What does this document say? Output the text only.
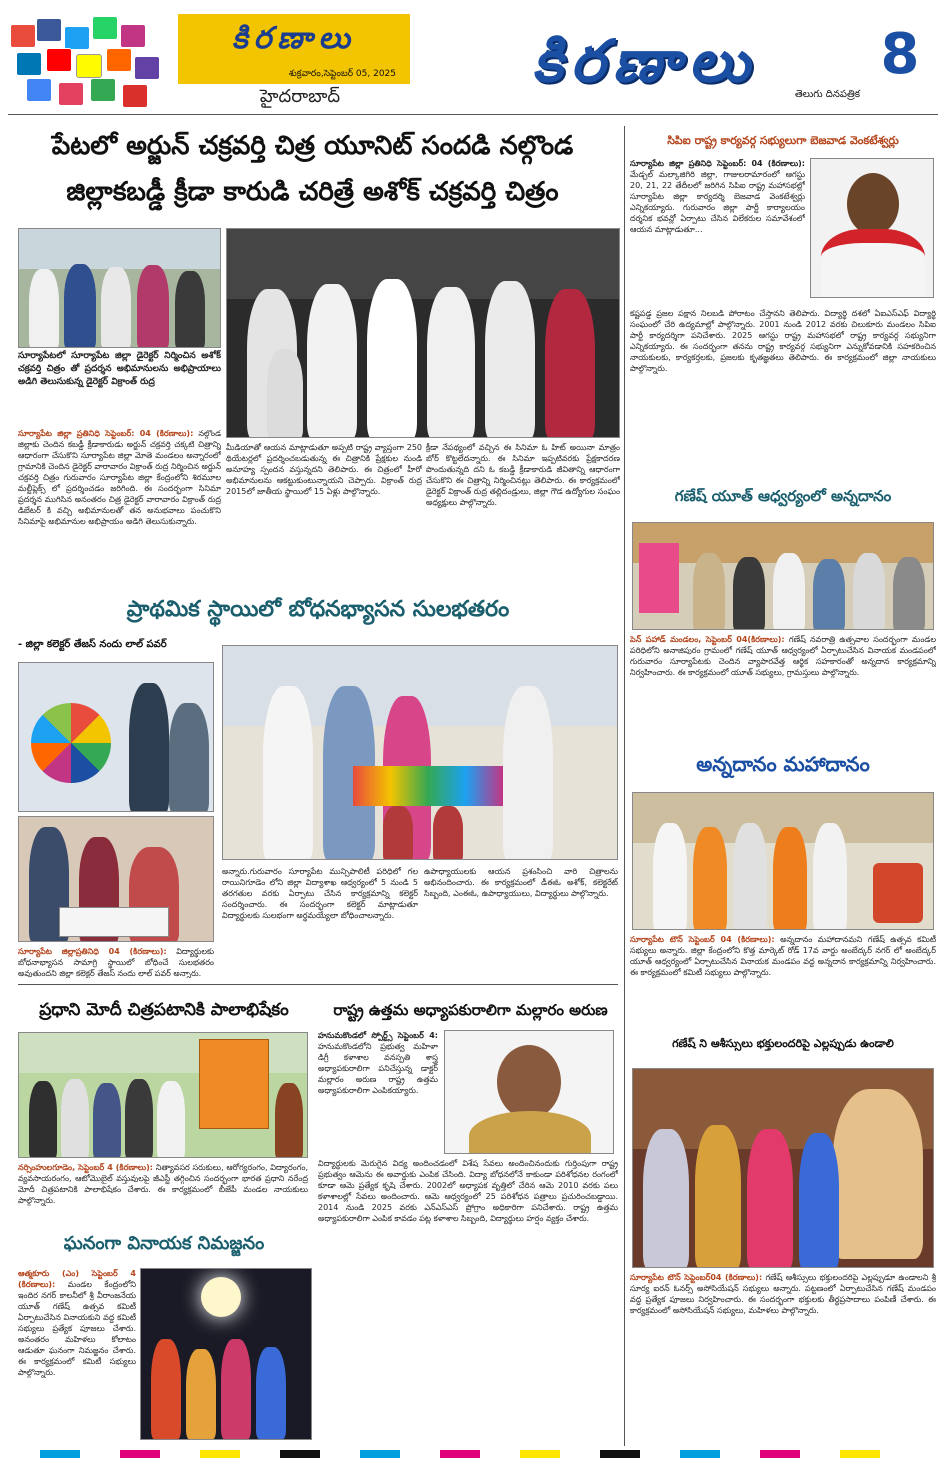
కిరణాలు
శుక్రవారం,సెప్టెంబర్ 05, 2025
హైదరాబాద్
కిరణాలు	తెలుగు దినపత్రిక
8
పేటలో అర్జున్ చక్రవర్తి చిత్ర యూనిట్ సందడి నల్గొండ
జిల్లాకబడ్డీ క్రీడా కారుడి చరిత్రే అశోక్ చక్రవర్తి చిత్రం
సూర్యాపేటలో సూర్యాపేట జిల్లా డైరెక్టర్ నిర్మించిన అశోక్ చక్రవర్తి చిత్రం తో ప్రదర్శన అభిమానులను అభిప్రాయాలు అడిగి తెలుసుకున్న డైరెక్టర్ విక్రాంత్ రుద్ర
సూర్యాపేట జిల్లా ప్రతినిధి సెప్టెంబర్: 04 (కిరణాలు): నల్గొండ జిల్లాకు చెందిన కబడ్డీ క్రీడాకారుడు అర్జున్ చక్రవర్తి చక్కటి చిత్రాన్ని ఆధారంగా చేసుకొని సూర్యాపేట జిల్లా మోతె మండలం అన్నారంలో గ్రామానికి చెందిన డైరెక్టర్ వారావారం విక్రాంత్ రుద్ర నిర్మించిన అర్జున్ చక్రవర్తి చిత్రం గురువారం సూర్యాపేట జిల్లా కేంద్రంలోని శిరమూల మల్టీప్లెక్స్ లో ప్రదర్శించడం జరిగింది. ఈ సందర్భంగా సినిమా ప్రదర్శన ముగిసిన అనంతరం చిత్ర డైరెక్టర్ వారావారం విక్రాంత్ రుద్ర డిబేటర్ కి వచ్చి అభిమానులతో తన అనుభవాలు పంచుకొని సినిమాపై అభిమానుల అభిప్రాయం అడిగి తెలుసుకున్నారు.
మీడియాతో ఆయన మాట్లాడుతూ అప్పటి రాష్ట్ర వ్యాప్తంగా 250 థియేటర్లలో ప్రదర్శించబడుతున్న ఈ చిత్రానికి ప్రేక్షకుల నుండి అనూహ్య స్పందన వస్తున్నదని తెలిపారు. ఈ చిత్రంలో హీరో అభిమానులను ఆకట్టుకుంటున్నాయని చెప్పారు. విక్రాంత్ రుద్ర 2015లో జాతీయ స్థాయిలో 15 ఏళ్లు పాల్గొన్నారు.
క్రీడా నేపథ్యంలో వచ్చిన ఈ సినిమా ఓ హిట్ అయినా మాత్రం బోర్ కొట్టలేదన్నారు. ఈ సినిమా ఇప్పటివరకు ప్రేక్షకాదరణ పొందుతున్నది దని ఓ కబడ్డీ క్రీడాకారుడి జీవితాన్ని ఆధారంగా చేసుకొని ఈ చిత్రాన్ని నిర్మించినట్లు తెలిపారు. ఈ కార్యక్రమంలో డైరెక్టర్ విక్రాంత్ రుద్ర తల్లిదండ్రులు, జిల్లా గౌడ ఉద్యోగుల సంఘం అధ్యక్షులు పాల్గొన్నారు.
ప్రాథమిక స్థాయిలో బోధనభ్యాసన సులభతరం
- జిల్లా కలెక్టర్ తేజస్ నందు లాల్ పవర్
సూర్యాపేట జిల్లాప్రతినిధి 04 (కిరణాలు): విద్యార్థులకు బోధనాభ్యాసన సామాగ్రి స్థాయిలో బోధించే సులభతరం అవుతుందని జిల్లా కలెక్టర్ తేజస్ నందు లాల్ పవర్ అన్నారు.
అన్నారు.గురువారం సూర్యాపేట మున్సిపాలిటీ పరిధిలో గల రాయినిగూడెం లోని జిల్లా విద్యాశాఖ ఆధ్వర్యంలో 5 నుండి 5 తరగతుల వరకు ఏర్పాటు చేసిన కార్యక్రమాన్ని కలెక్టర్ సందర్శించారు. ఈ సందర్భంగా కలెక్టర్ మాట్లాడుతూ విద్యార్థులకు సులభంగా అర్థమయ్యేలా బోధించాలన్నారు.
ఉపాధ్యాయులకు ఆయన ప్రశంసించి వారి చిత్రాలను అభినందించారు. ఈ కార్యక్రమంలో డీఈఓ అశోక్, కలెక్టరేట్ సిబ్బంది, ఎంఈఓ, ఉపాధ్యాయులు, విద్యార్థులు పాల్గొన్నారు.
ప్రధాని మోదీ చిత్రపటానికి పాలాభిషేకం
నర్సింహులగూడెం, సెప్టెంబర్ 4 (కిరణాలు): నిత్యావసర సరుకులు, ఆరోగ్యరంగం, విద్యారంగం, వ్యవసాయరంగం, ఆటోమొబైల్ వస్తువులపై జీఎస్టీ తగ్గించిన సందర్భంగా భారత ప్రధాని నరేంద్ర మోదీ చిత్రపటానికి పాలాభిషేకం చేశారు. ఈ కార్యక్రమంలో బీజేపీ మండల నాయకులు పాల్గొన్నారు.
ఘనంగా వినాయక నిమజ్జనం
ఆత్మకూరు (ఎం) సెప్టెంబర్ 4 (కిరణాలు): మండల కేంద్రంలోని ఇందిర నగర్ కాలనీలో శ్రీ వీరాంజనేయ యూత్ గణేష్ ఉత్సవ కమిటీ ఏర్పాటుచేసిన వినాయకుని వద్ద కమిటీ సభ్యులు ప్రత్యేక పూజలు చేశారు. అనంతరం మహిళలు కోలాటం ఆడుతూ ఘనంగా నిమజ్జనం చేశారు. ఈ కార్యక్రమంలో కమిటీ సభ్యులు పాల్గొన్నారు.
రాష్ట్ర ఉత్తమ అధ్యాపకురాలిగా మల్లారం అరుణ
హనుమకొండలో స్పోర్ట్స్ సెప్టెంబర్ 4: హనుమకొండలోని ప్రభుత్వ మహిళా డిగ్రీ కళాశాల వనస్పతి శాస్త్ర అధ్యాపకురాలిగా పనిచేస్తున్న డాక్టర్ మల్లారం అరుణ రాష్ట్ర ఉత్తమ అధ్యాపకురాలిగా ఎంపికయ్యారు.
విద్యార్థులకు మెరుగైన విద్య అందించడంలో విశేష సేవలు అందించినందుకు గుర్తింపుగా రాష్ట్ర ప్రభుత్వం ఆమెను ఈ అవార్డుకు ఎంపిక చేసింది. విద్యా బోధనలోనే కాకుండా పరిశోధనల రంగంలో కూడా ఆమె ప్రత్యేక కృషి చేశారు. 2002లో అధ్యాపక వృత్తిలో చేరిన ఆమె 2010 వరకు పలు కళాశాలల్లో సేవలు అందించారు. ఆమె ఆధ్వర్యంలో 25 పరిశోధన పత్రాలు ప్రచురించబడ్డాయి. 2014 నుండి 2025 వరకు ఎన్ఎస్ఎస్ ప్రోగ్రాం అధికారిగా పనిచేశారు. రాష్ట్ర ఉత్తమ అధ్యాపకురాలిగా ఎంపిక కావడం పట్ల కళాశాల సిబ్బంది, విద్యార్థులు హర్షం వ్యక్తం చేశారు.
సిపిఐ రాష్ట్ర కార్యవర్గ సభ్యులుగా బెజవాడ వెంకటేశ్వర్లు
సూర్యాపేట జిల్లా ప్రతినిధి సెప్టెంబర్: 04 (కిరణాలు): మేడ్చల్ మల్కాజిగిరి జిల్లా, గాజులరామారంలో ఆగస్టు 20, 21, 22 తేదీలలో జరిగిన సిపిఐ రాష్ట్ర మహాసభల్లో సూర్యాపేట జిల్లా కార్యదర్శి బెజవాడ వెంకటేశ్వర్లు ఎన్నికయ్యారు. గురువారం జిల్లా పార్టీ కార్యాలయం దర్శనిక భవన్లో ఏర్పాటు చేసిన విలేకరుల సమావేశంలో ఆయన మాట్లాడుతూ...
కష్టపడ్డ ప్రజల పక్షాన నిలబడి పోరాటం చేస్తానని తెలిపారు. విద్యార్థి దశలో ఏఐఎస్ఎఫ్ విద్యార్థి సంఘంలో చేరి ఉద్యమాల్లో పాల్గొన్నారు. 2001 నుండి 2012 వరకు చిలుకూరు మండలం సిపిఐ పార్టీ కార్యదర్శిగా పనిచేశారు. 2025 ఆగస్టు రాష్ట్ర మహాసభలో రాష్ట్ర కార్యవర్గ సభ్యునిగా ఎన్నికయ్యారు. ఈ సందర్భంగా తనను రాష్ట్ర కార్యవర్గ సభ్యునిగా ఎన్నుకోవడానికి సహకరించిన నాయకులకు, కార్యకర్తలకు, ప్రజలకు కృతజ్ఞతలు తెలిపారు. ఈ కార్యక్రమంలో జిల్లా నాయకులు పాల్గొన్నారు.
గణేష్ యూత్ ఆధ్వర్యంలో అన్నదానం
పెన్ పహాడ్ మండలం, సెప్టెంబర్ 04(కిరణాలు): గణేష్ నవరాత్రి ఉత్సవాల సందర్భంగా మండల పరిధిలోని అనాజిపురం గ్రామంలో గణేష్ యూత్ ఆధ్వర్యంలో ఏర్పాటుచేసిన వినాయక మండపంలో గురువారం సూర్యాపేటకు చెందిన వ్యాపారవేత్త ఆర్థిక సహకారంతో అన్నదాన కార్యక్రమాన్ని నిర్వహించారు. ఈ కార్యక్రమంలో యూత్ సభ్యులు, గ్రామస్తులు పాల్గొన్నారు.
అన్నదానం మహాదానం
సూర్యాపేట టౌన్ సెప్టెంబర్ 04 (కిరణాలు): అన్నదానం మహాదానమని గణేష్ ఉత్సవ కమిటీ సభ్యులు అన్నారు. జిల్లా కేంద్రంలోని కొత్త మార్కెట్ రోడ్ 17వ వార్డు అంబేద్కర్ నగర్ లో అంబేద్కర్ యూత్ ఆధ్వర్యంలో ఏర్పాటుచేసిన వినాయక మండపం వద్ద అన్నదాన కార్యక్రమాన్ని నిర్వహించారు. ఈ కార్యక్రమంలో కమిటీ సభ్యులు పాల్గొన్నారు.
గణేష్ ని ఆశీస్సులు భక్తులందరిపై ఎల్లప్పుడు ఉండాలి
సూర్యాపేట టౌన్ సెప్టెంబర్04 (కిరణాలు): గణేష్ ఆశీస్సులు భక్తులందరిపై ఎల్లప్పుడూ ఉండాలని శ్రీ సూర్య ఐరన్ ఓనర్స్ అసోసియేషన్ సభ్యులు అన్నారు. పట్టణంలో ఏర్పాటుచేసిన గణేష్ మండపం వద్ద ప్రత్యేక పూజలు నిర్వహించారు. ఈ సందర్భంగా భక్తులకు తీర్థప్రసాదాలు పంపిణీ చేశారు. ఈ కార్యక్రమంలో అసోసియేషన్ సభ్యులు, మహిళలు పాల్గొన్నారు.
